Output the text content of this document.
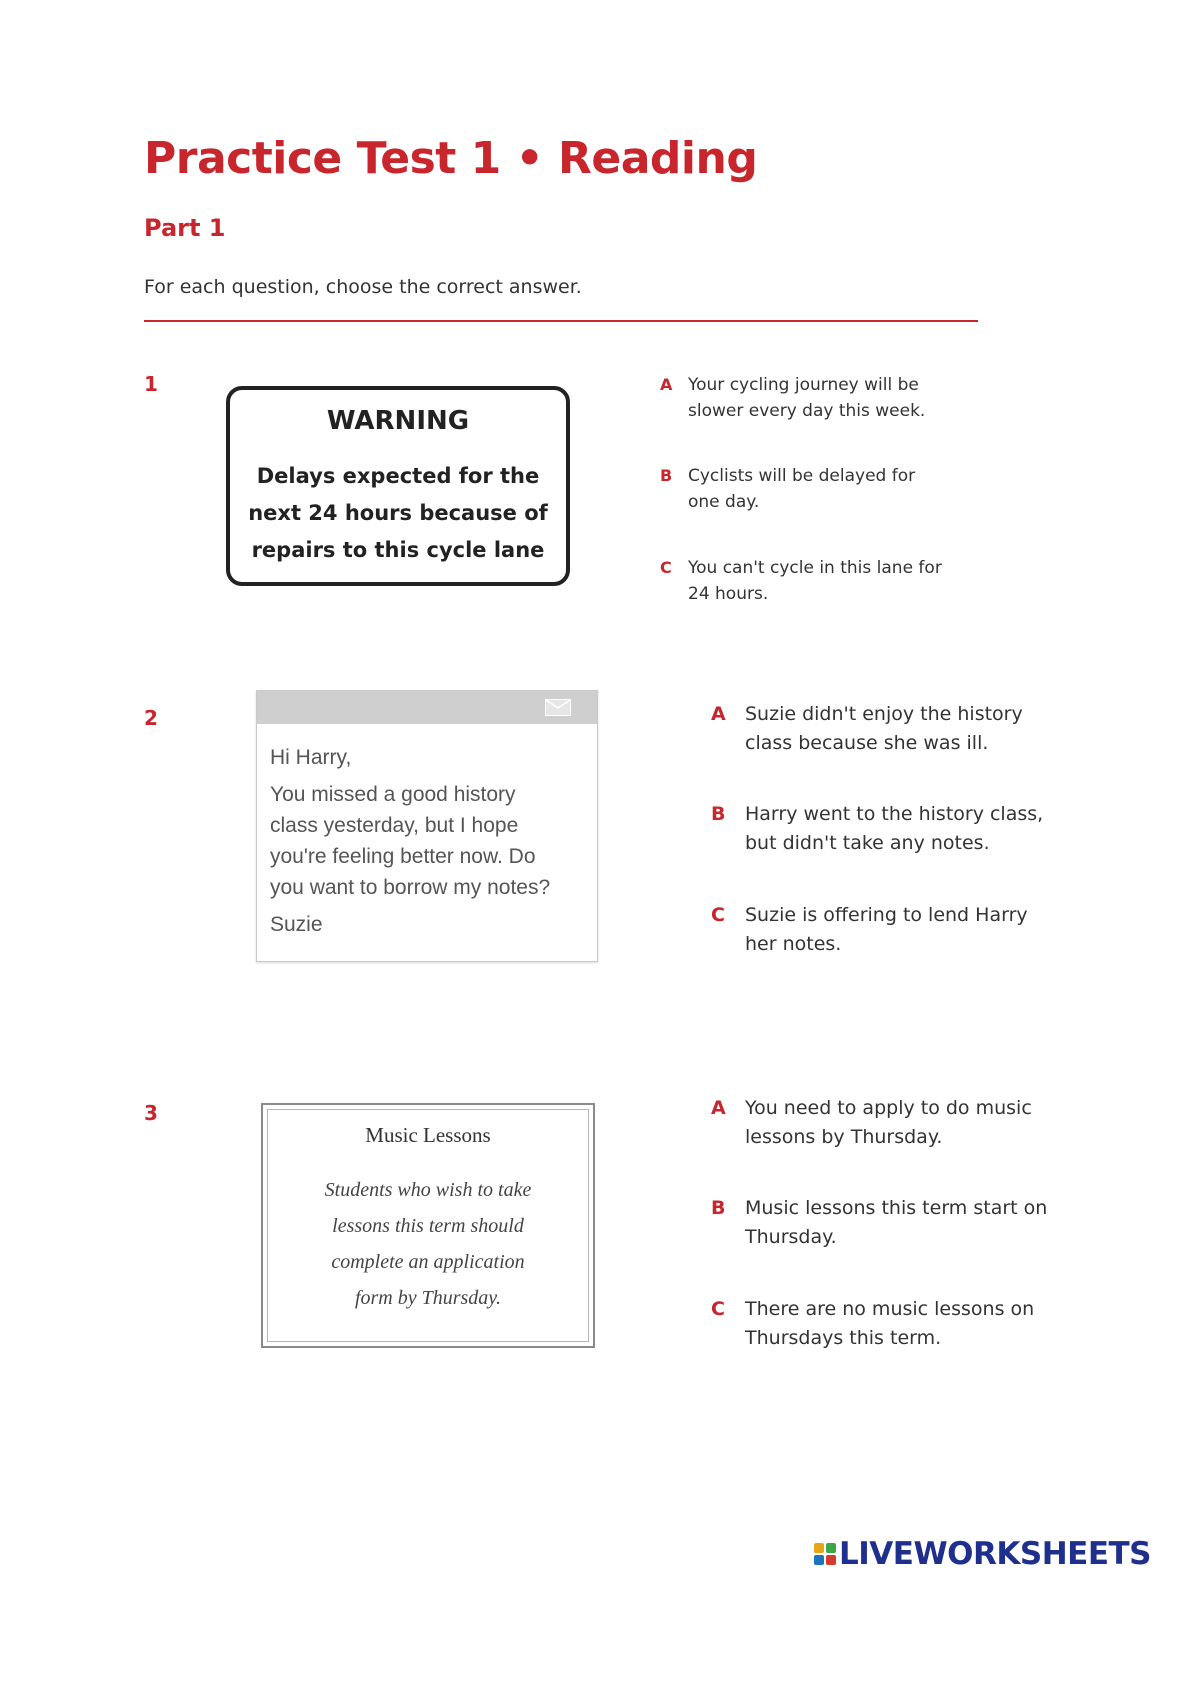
Practice Test 1 • Reading
Part 1
For each question, choose the correct answer.
1
WARNING
Delays expected for the
next 24 hours because of
repairs to this cycle lane
A Your cycling journey will be
slower every day this week.
B Cyclists will be delayed for
one day.
C You can't cycle in this lane for
24 hours.
2

Hi Harry,

You missed a good history
class yesterday, but I hope
you're feeling better now. Do
you want to borrow my notes?

Suzie

A	Suzie didn't enjoy the history
class because she was ill.
B	Harry went to the history class,
but didn't take any notes.
C	Suzie is offering to lend Harry
her notes.
3
Music Lessons
Students who wish to take
lessons this term should
complete an application
form by Thursday.
A	You need to apply to do music
lessons by Thursday.
B	Music lessons this term start on
Thursday.
C	There are no music lessons on
Thursdays this term.
LIVEWORKSHEETS
